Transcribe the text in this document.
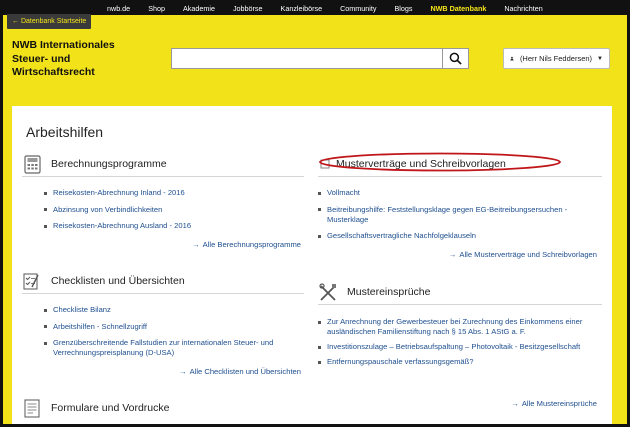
nwb.de	Shop	Akademie	Jobbörse	Kanzleibörse	Community	Blogs	NWB Datenbank	Nachrichten
← Datenbank Startseite
NWB Internationales
Steuer- und
Wirtschaftsrecht
(Herr Nils Feddersen) ▼
Arbeitshilfen
Berechnungsprogramme
Reisekosten-Abrechnung Inland - 2016
Abzinsung von Verbindlichkeiten
Reisekosten-Abrechnung Ausland - 2016
→ Alle Berechnungsprogramme
Checklisten und Übersichten
Checkliste Bilanz
Arbeitshilfen - Schnellzugriff
Grenzüberschreitende Fallstudien zur internationalen Steuer- und Verrechnungspreisplanung (D-USA)
→ Alle Checklisten und Übersichten
Formulare und Vordrucke
Musterverträge und Schreibvorlagen
Vollmacht
Beitreibungshilfe: Feststellungsklage gegen EG-Beitreibungsersuchen - Musterklage
Gesellschaftsvertragliche Nachfolgeklauseln
→ Alle Musterverträge und Schreibvorlagen
Mustereinsprüche
Zur Anrechnung der Gewerbesteuer bei Zurechnung des Einkommens einer ausländischen Familienstiftung nach § 15 Abs. 1 AStG a. F.
Investitionszulage – Betriebsaufspaltung – Photovoltaik - Besitzgesellschaft
Entfernungspauschale verfassungsgemäß?
→ Alle Mustereinsprüche
